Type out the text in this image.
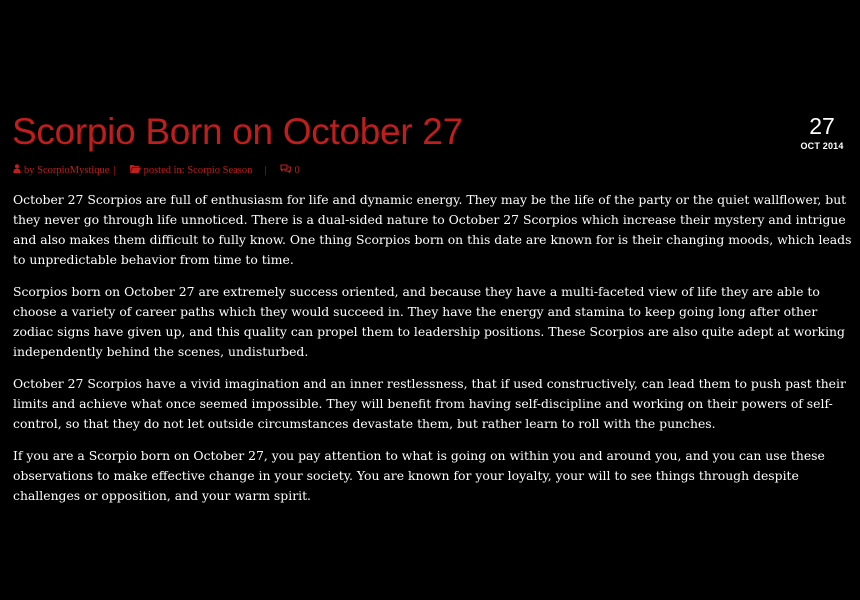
Scorpio Born on October 27	27
OCT 2014
by
ScorpioMystique |	posted in:
Scorpio Season |	0

October 27 Scorpios are full of enthusiasm for life and dynamic energy. They may be the life of the party or the quiet wallflower, but they never go through life unnoticed. There is a dual-sided nature to October 27 Scorpios which increase their mystery and intrigue and also makes them difficult to fully know. One thing Scorpios born on this date are known for is their changing moods, which leads to unpredictable behavior from time to time.

Scorpios born on October 27 are extremely success oriented, and because they have a multi-faceted view of life they are able to choose a variety of career paths which they would succeed in. They have the energy and stamina to keep going long after other zodiac signs have given up, and this quality can propel them to leadership positions. These Scorpios are also quite adept at working independently behind the scenes, undisturbed.

October 27 Scorpios have a vivid imagination and an inner restlessness, that if used constructively, can lead them to push past their limits and achieve what once seemed impossible. They will benefit from having self-discipline and working on their powers of self-control, so that they do not let outside circumstances devastate them, but rather learn to roll with the punches.

If you are a Scorpio born on October 27, you pay attention to what is going on within you and around you, and you can use these observations to make effective change in your society. You are known for your loyalty, your will to see things through despite challenges or opposition, and your warm spirit.
